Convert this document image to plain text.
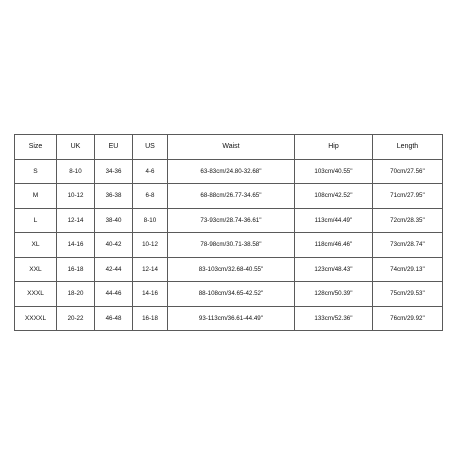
Size	UK	EU	US	Waist	Hip	Length
S	8-10	34-36	4-6	63-83cm/24.80-32.68''	103cm/40.55''	70cm/27.56''
M	10-12	36-38	6-8	68-88cm/26.77-34.65''	108cm/42.52''	71cm/27.95''
L	12-14	38-40	8-10	73-93cm/28.74-36.61''	113cm/44.49''	72cm/28.35''
XL	14-16	40-42	10-12	78-98cm/30.71-38.58''	118cm/46.46''	73cm/28.74''
XXL	16-18	42-44	12-14	83-103cm/32.68-40.55''	123cm/48.43''	74cm/29.13''
XXXL	18-20	44-46	14-16	88-108cm/34.65-42.52''	128cm/50.39''	75cm/29.53''
XXXXL	20-22	46-48	16-18	93-113cm/36.61-44.49''	133cm/52.36''	76cm/29.92''
